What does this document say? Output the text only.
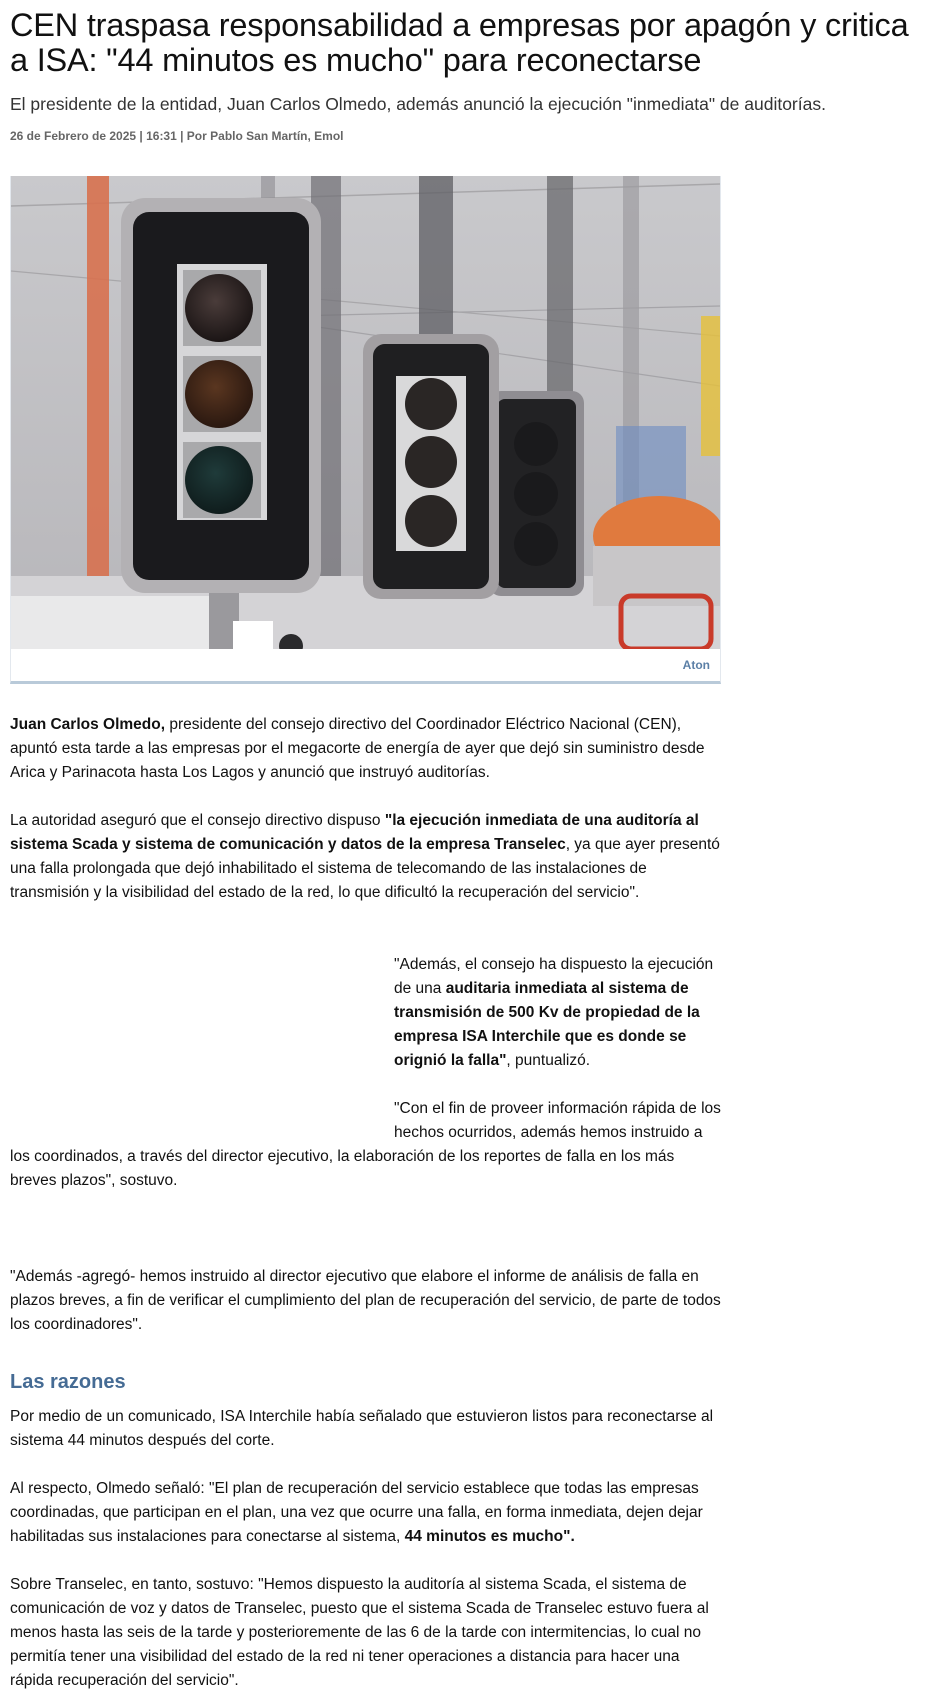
CEN traspasa responsabilidad a empresas por apagón y critica a ISA: "44 minutos es mucho" para reconectarse
El presidente de la entidad, Juan Carlos Olmedo, además anunció la ejecución "inmediata" de auditorías.
26 de Febrero de 2025 | 16:31 | Por Pablo San Martín, Emol
Aton

Juan Carlos Olmedo, presidente del consejo directivo del Coordinador Eléctrico Nacional (CEN), apuntó esta tarde a las empresas por el megacorte de energía de ayer que dejó sin suministro desde Arica y Parinacota hasta Los Lagos y anunció que instruyó auditorías.

La autoridad aseguró que el consejo directivo dispuso "la ejecución inmediata de una auditoría al sistema Scada y sistema de comunicación y datos de la empresa Transelec, ya que ayer presentó una falla prolongada que dejó inhabilitado el sistema de telecomando de las instalaciones de transmisión y la visibilidad del estado de la red, lo que dificultó la recuperación del servicio".

"Además, el consejo ha dispuesto la ejecución de una auditaria inmediata al sistema de transmisión de 500 Kv de propiedad de la empresa ISA Interchile que es donde se orignió la falla", puntualizó.

"Con el fin de proveer información rápida de los hechos ocurridos, además hemos instruido a los coordinados, a través del director ejecutivo, la elaboración de los reportes de falla en los más breves plazos", sostuvo.

"Además -agregó- hemos instruido al director ejecutivo que elabore el informe de análisis de falla en plazos breves, a fin de verificar el cumplimiento del plan de recuperación del servicio, de parte de todos los coordinadores".

Las razones

Por medio de un comunicado, ISA Interchile había señalado que estuvieron listos para reconectarse al sistema 44 minutos después del corte.

Al respecto, Olmedo señaló: "El plan de recuperación del servicio establece que todas las empresas coordinadas, que participan en el plan, una vez que ocurre una falla, en forma inmediata, dejen dejar habilitadas sus instalaciones para conectarse al sistema, 44 minutos es mucho".

Sobre Transelec, en tanto, sostuvo: "Hemos dispuesto la auditoría al sistema Scada, el sistema de comunicación de voz y datos de Transelec, puesto que el sistema Scada de Transelec estuvo fuera al menos hasta las seis de la tarde y posterioremente de las 6 de la tarde con intermitencias, lo cual no permitía tener una visibilidad del estado de la red ni tener operaciones a distancia para hacer una rápida recuperación del servicio".
